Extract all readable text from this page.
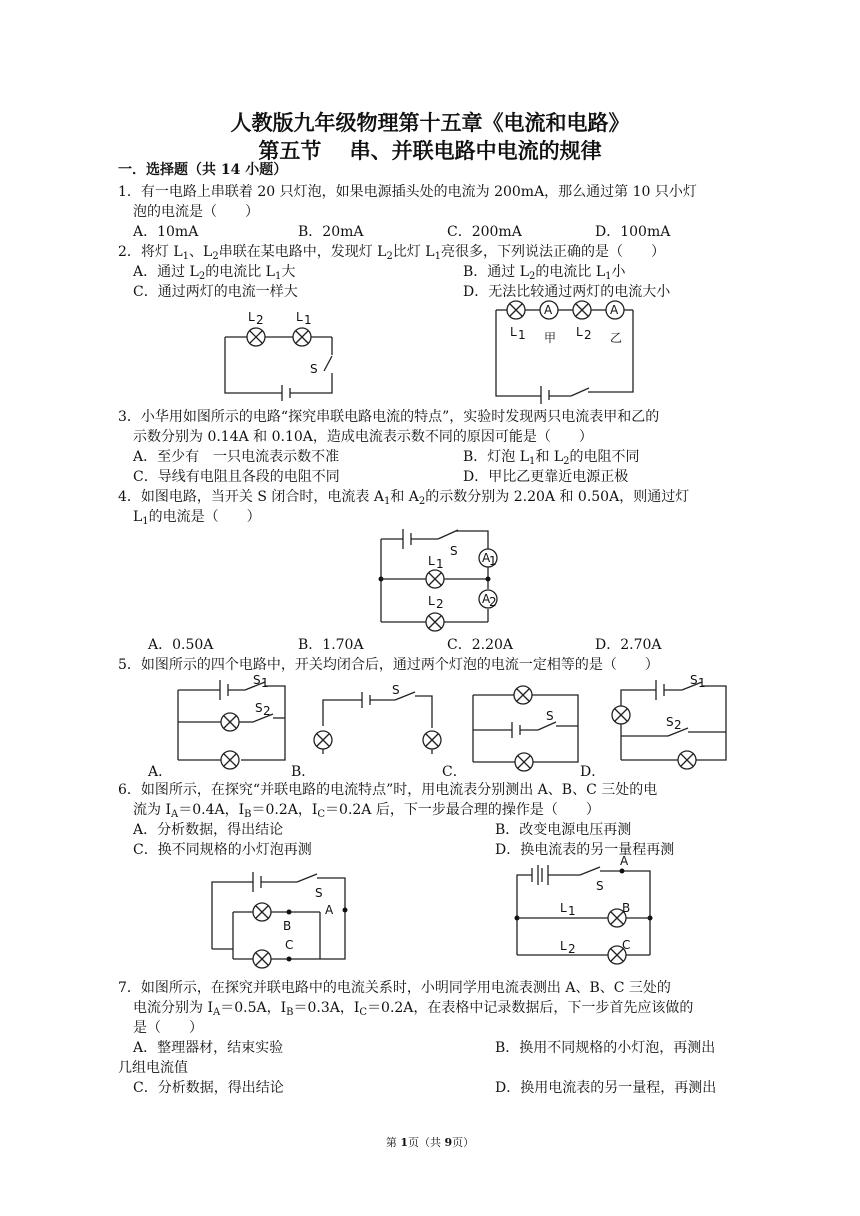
人教版九年级物理第十五章《电流和电路》
第五节　 串、并联电路中电流的规律
一．选择题（共 14 小题）
1．有一电路上串联着 20 只灯泡，如果电源插头处的电流为 200mA，那么通过第 10 只小灯
泡的电流是（　　）
A．10mA	B．20mA	C．200mA	D．100mA
2．将灯 $L_1$、$L_2$串联在某电路中，发现灯 $L_2$比灯 $L_1$亮很多，下列说法正确的是（　　）
A．通过 $L_2$的电流比 $L_1$大	B．通过 $L_2$的电流比 $L_1$小
C．通过两灯的电流一样大	D．无法比较通过两灯的电流大小
L 2	L 1
S
A	A
L 1 甲 L 2 乙
3．小华用如图所示的电路“探究串联电路电流的特点”，实验时发现两只电流表甲和乙的
示数分别为 0.14A 和 0.10A，造成电流表示数不同的原因可能是（　　）
A．至少有　一只电流表示数不准	B．灯泡 $L_1$和 $L_2$的电阻不同
C．导线有电阻且各段的电阻不同	D．甲比乙更靠近电源正极
4．如图电路，当开关 S 闭合时，电流表 $A_1$和 $A_2$的示数分别为 2.20A 和 0.50A，则通过灯
$L_1$的电流是（　　）
A
1
A
2
S
L 1
L 2
A．0.50A	B．1.70A	C．2.20A	D．2.70A
5．如图所示的四个电路中，开关均闭合后，通过两个灯泡的电流一定相等的是（　　）
S 1
S 2
A．
S
B．
S
C．
S 1
S 2
D．
6．如图所示，在探究“并联电路的电流特点”时，用电流表分别测出 A、B、C 三处的电
流为 $I_A=0.4A$，$I_B=0.2A$，$I_C=0.2A$ 后，下一步最合理的操作是（　　）
A．分析数据，得出结论	B．改变电源电压再测
C．换不同规格的小灯泡再测	D．换电流表的另一量程再测
S
A
B
C
S
A
B
C
L 1
L 2
7．如图所示，在探究并联电路中的电流关系时，小明同学用电流表测出 A、B、C 三处的
电流分别为 $I_A=0.5A$，$I_B=0.3A$，$I_C=0.2A$，在表格中记录数据后，下一步首先应该做的
是（　　）
A．整理器材，结束实验	B．换用不同规格的小灯泡，再测出
几组电流值
C．分析数据，得出结论	D．换用电流表的另一量程，再测出
第 1页（共 9页）
